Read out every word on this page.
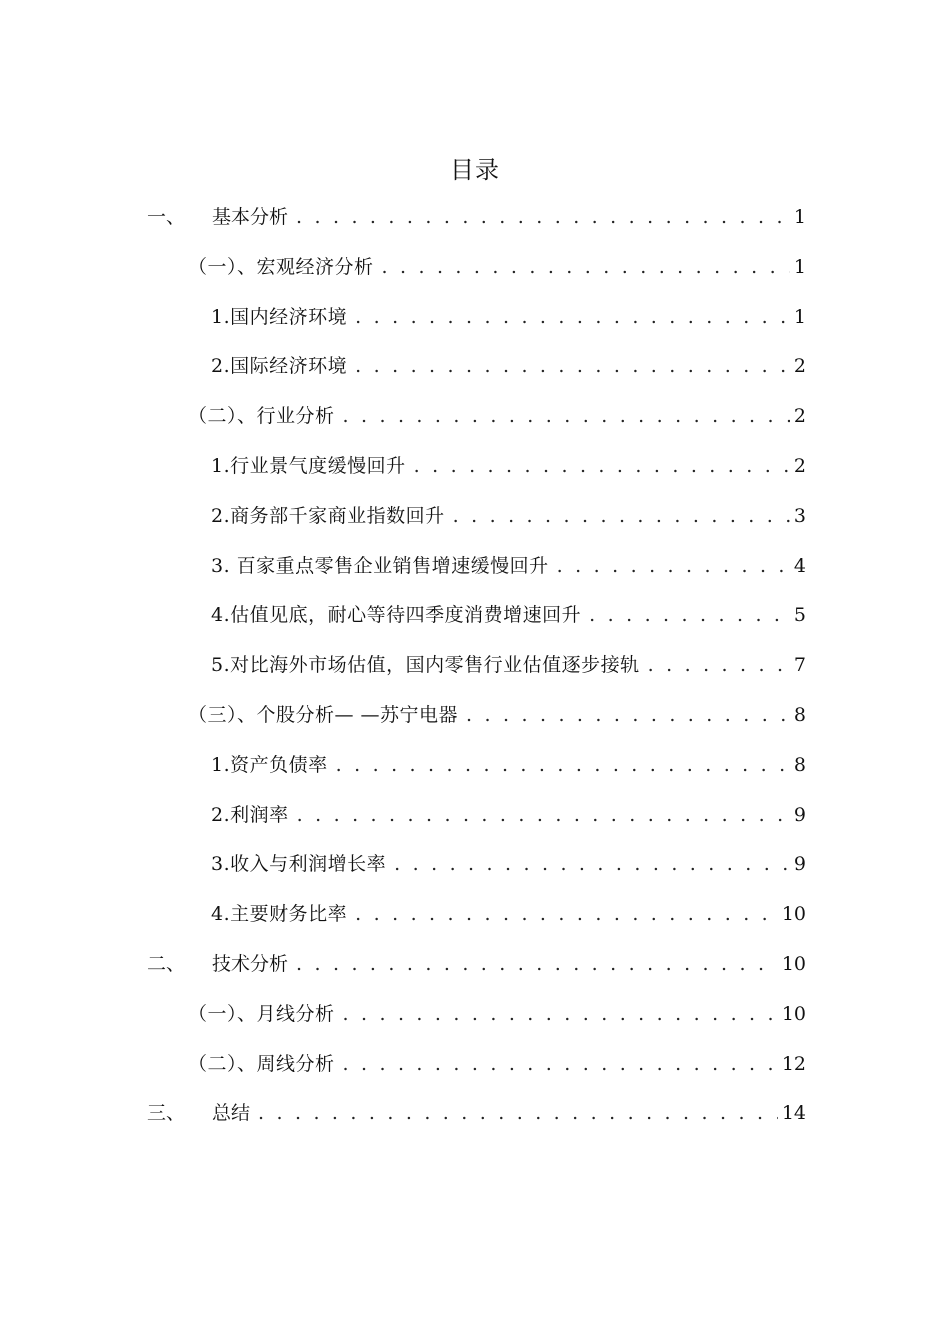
目录
一、	基本分析 . . .	1
（一）、宏观经济分析 . . .	1
1.国内经济环境 . . .	1
2.国际经济环境 . . .	2
（二）、行业分析 . . .	2
1.行业景气度缓慢回升 . . .	2
2.商务部千家商业指数回升 . . .	3
3. 百家重点零售企业销售增速缓慢回升 . . .	4
4.估值见底，耐心等待四季度消费增速回升 . . .	5
5.对比海外市场估值，国内零售行业估值逐步接轨 . . .	7
（三）、个股分析— —苏宁电器 . . .	8
1.资产负债率 . . .	8
2.利润率 . . .	9
3.收入与利润增长率 . . .	9
4.主要财务比率 . . .	10
二、	技术分析 . . .	10
（一）、月线分析 . . .	10
（二）、周线分析 . . .	12
三、	总结 . . .	14
